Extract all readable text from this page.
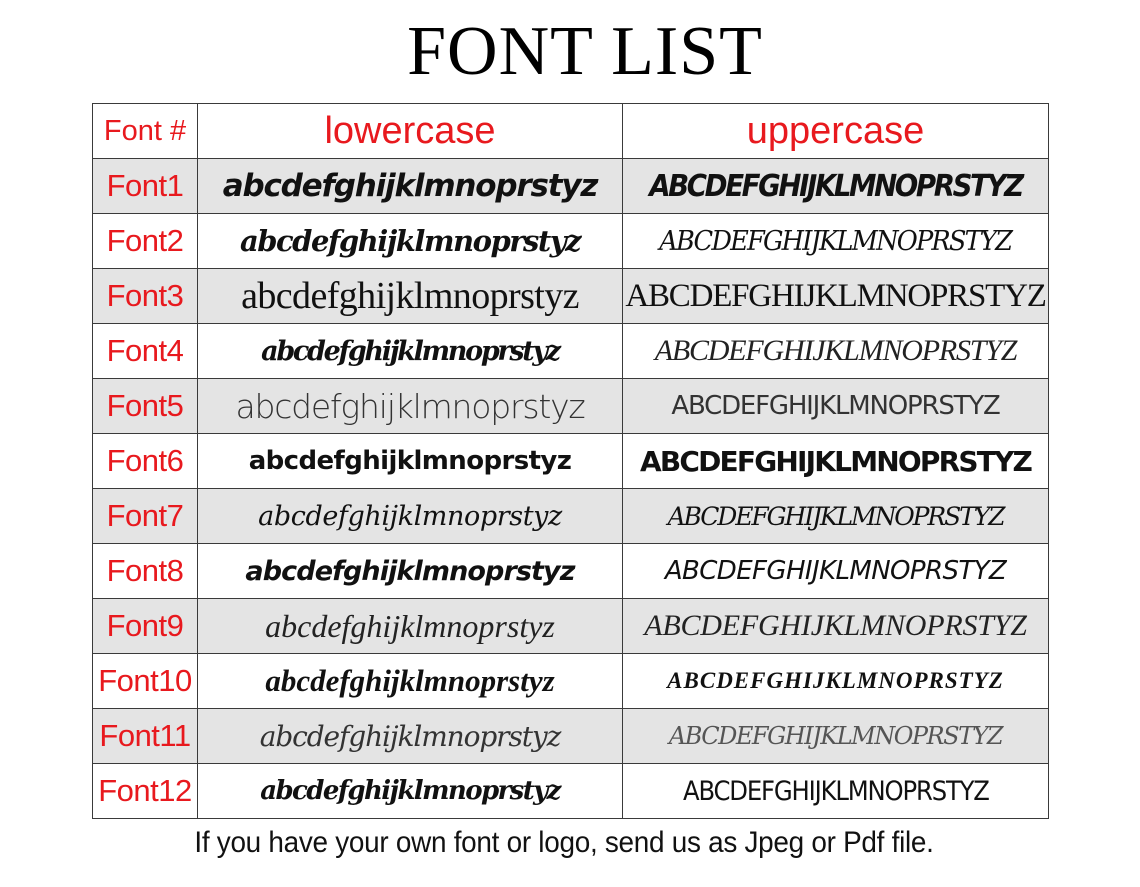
FONT LIST
Font #	lowercase	uppercase
Font1	abcdefghijklmnoprstyz	ABCDEFGHIJKLMNOPRSTYZ
Font2	abcdefghijklmnoprstyz	ABCDEFGHIJKLMNOPRSTYZ
Font3	abcdefghijklmnoprstyz	ABCDEFGHIJKLMNOPRSTYZ
Font4	abcdefghijklmnoprstyz	ABCDEFGHIJKLMNOPRSTYZ
Font5	abcdefghijklmnoprstyz	ABCDEFGHIJKLMNOPRSTYZ
Font6	abcdefghijklmnoprstyz	ABCDEFGHIJKLMNOPRSTYZ
Font7	abcdefghijklmnoprstyz	ABCDEFGHIJKLMNOPRSTYZ
Font8	abcdefghijklmnoprstyz	ABCDEFGHIJKLMNOPRSTYZ
Font9	abcdefghijklmnoprstyz	ABCDEFGHIJKLMNOPRSTYZ
Font10	abcdefghijklmnoprstyz	ABCDEFGHIJKLMNOPRSTYZ
Font11	abcdefghijklmnoprstyz	ABCDEFGHIJKLMNOPRSTYZ
Font12	abcdefghijklmnoprstyz	ABCDEFGHIJKLMNOPRSTYZ
If you have your own font or logo, send us as Jpeg or Pdf file.
